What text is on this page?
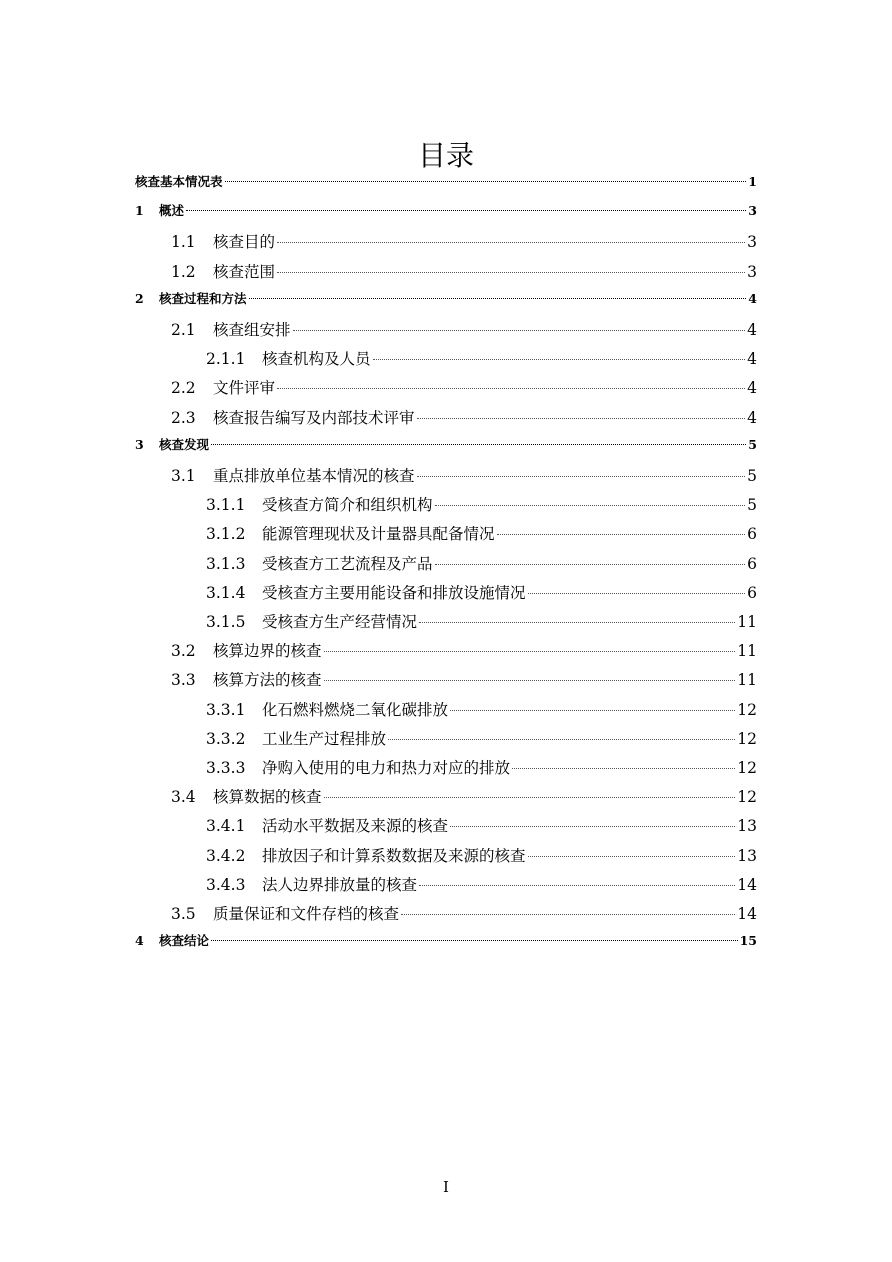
目录
核查基本情况表	1
1	概述	3
1.1	核查目的	3
1.2	核查范围	3
2	核查过程和方法	4
2.1	核查组安排	4
2.1.1	核查机构及人员	4
2.2	文件评审	4
2.3	核查报告编写及内部技术评审	4
3	核查发现	5
3.1	重点排放单位基本情况的核查	5
3.1.1	受核查方简介和组织机构	5
3.1.2	能源管理现状及计量器具配备情况	6
3.1.3	受核查方工艺流程及产品	6
3.1.4	受核查方主要用能设备和排放设施情况	6
3.1.5	受核查方生产经营情况	11
3.2	核算边界的核查	11
3.3	核算方法的核查	11
3.3.1	化石燃料燃烧二氧化碳排放	12
3.3.2	工业生产过程排放	12
3.3.3	净购入使用的电力和热力对应的排放	12
3.4	核算数据的核查	12
3.4.1	活动水平数据及来源的核查	13
3.4.2	排放因子和计算系数数据及来源的核查	13
3.4.3	法人边界排放量的核查	14
3.5	质量保证和文件存档的核查	14
4	核查结论	15
I
